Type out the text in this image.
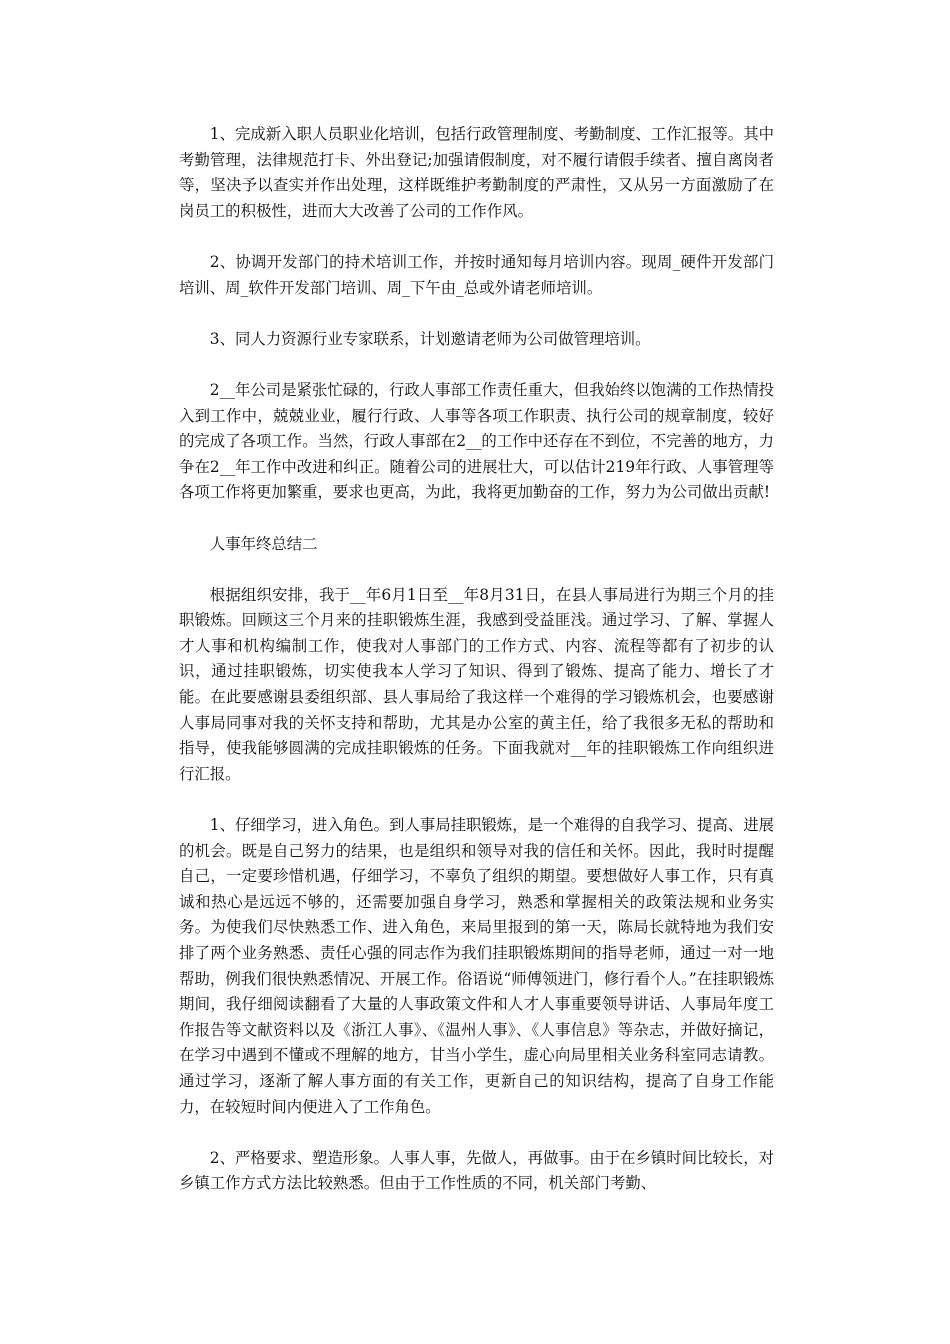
1、完成新入职人员职业化培训，包括行政管理制度、考勤制度、工作汇报等。其中考勤管理，法律规范打卡、外出登记;加强请假制度，对不履行请假手续者、擅自离岗者等，坚决予以查实并作出处理，这样既维护考勤制度的严肃性，又从另一方面激励了在岗员工的积极性，进而大大改善了公司的工作作风。

2、协调开发部门的持术培训工作，并按时通知每月培训内容。现周_硬件开发部门培训、周_软件开发部门培训、周_下午由_总或外请老师培训。

3、同人力资源行业专家联系，计划邀请老师为公司做管理培训。

2__年公司是紧张忙碌的，行政人事部工作责任重大，但我始终以饱满的工作热情投入到工作中，兢兢业业，履行行政、人事等各项工作职责、执行公司的规章制度，较好的完成了各项工作。当然，行政人事部在2__的工作中还存在不到位，不完善的地方，力争在2__年工作中改进和纠正。随着公司的进展壮大，可以估计219年行政、人事管理等各项工作将更加繁重，要求也更高，为此，我将更加勤奋的工作，努力为公司做出贡献!

人事年终总结二

根据组织安排，我于__年6月1日至__年8月31日，在县人事局进行为期三个月的挂职锻炼。回顾这三个月来的挂职锻炼生涯，我感到受益匪浅。通过学习、了解、掌握人才人事和机构编制工作，使我对人事部门的工作方式、内容、流程等都有了初步的认识，通过挂职锻炼，切实使我本人学习了知识、得到了锻炼、提高了能力、增长了才能。在此要感谢县委组织部、县人事局给了我这样一个难得的学习锻炼机会，也要感谢人事局同事对我的关怀支持和帮助，尤其是办公室的黄主任，给了我很多无私的帮助和指导，使我能够圆满的完成挂职锻炼的任务。下面我就对__年的挂职锻炼工作向组织进行汇报。

1、仔细学习，进入角色。到人事局挂职锻炼，是一个难得的自我学习、提高、进展的机会。既是自己努力的结果，也是组织和领导对我的信任和关怀。因此，我时时提醒自己，一定要珍惜机遇，仔细学习，不辜负了组织的期望。要想做好人事工作，只有真诚和热心是远远不够的，还需要加强自身学习，熟悉和掌握相关的政策法规和业务实务。为使我们尽快熟悉工作、进入角色，来局里报到的第一天，陈局长就特地为我们安排了两个业务熟悉、责任心强的同志作为我们挂职锻炼期间的指导老师，通过一对一地帮助，例我们很快熟悉情况、开展工作。俗语说“师傅领进门，修行看个人。”在挂职锻炼期间，我仔细阅读翻看了大量的人事政策文件和人才人事重要领导讲话、人事局年度工作报告等文献资料以及《浙江人事》、《温州人事》、《人事信息》等杂志，并做好摘记，在学习中遇到不懂或不理解的地方，甘当小学生，虚心向局里相关业务科室同志请教。通过学习，逐渐了解人事方面的有关工作，更新自己的知识结构，提高了自身工作能力，在较短时间内便进入了工作角色。

2、严格要求、塑造形象。人事人事，先做人，再做事。由于在乡镇时间比较长，对乡镇工作方式方法比较熟悉。但由于工作性质的不同，机关部门考勤、
